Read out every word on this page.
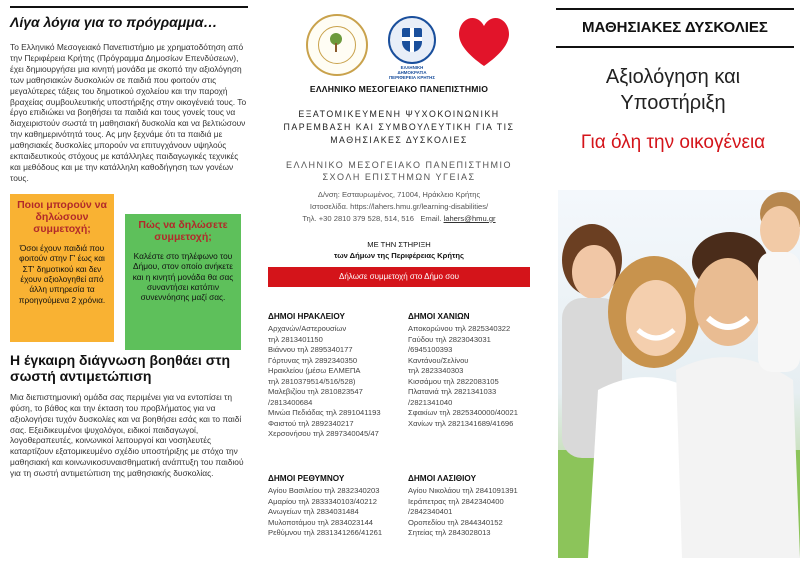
Λίγα λόγια για το πρόγραμμα…

Το Ελληνικό Μεσογειακό Πανεπιστήμιο με χρηματοδότηση από την Περιφέρεια Κρήτης (Πρόγραμμα Δημοσίων Επενδύσεων), έχει δημιουργήσει μια κινητή μονάδα με σκοπό την αξιολόγηση των μαθησιακών δυσκολιών σε παιδιά που φοιτούν στις μεγαλύτερες τάξεις του δημοτικού σχολείου και την παροχή βραχείας συμβουλευτικής υποστήριξης στην οικογένειά τους. Το έργο επιδιώκει να βοηθήσει τα παιδιά και τους γονείς τους να διαχειριστούν σωστά τη μαθησιακή δυσκολία και να βελτιώσουν την καθημερινότητά τους. Ας μην ξεχνάμε ότι τα παιδιά με μαθησιακές δυσκολίες μπορούν να επιτυγχάνουν υψηλούς εκπαιδευτικούς στόχους με κατάλληλες παιδαγωγικές τεχνικές και μεθόδους και με την κατάλληλη καθοδήγηση των γονέων τους.

Ποιοι μπορούν να δηλώσουν συμμετοχή;
Όσοι έχουν παιδιά που φοιτούν στην Γ' έως και ΣΤ' δημοτικού και δεν έχουν αξιολογηθεί από άλλη υπηρεσία τα προηγούμενα 2 χρόνια.
Πώς να δηλώσετε συμμετοχή;
Καλέστε στο τηλέφωνο του Δήμου, στον οποίο ανήκετε και η κινητή μονάδα θα σας συναντήσει κατόπιν συνεννόησης μαζί σας.
Η έγκαιρη διάγνωση βοηθάει στη σωστή αντιμετώπιση

Μια διεπιστημονική ομάδα σας περιμένει για να εντοπίσει τη φύση, το βάθος και την έκταση του προβλήματος για να αξιολογήσει τυχόν δυσκολίες και να βοηθήσει εσάς και το παιδί σας. Εξειδικευμένοι ψυχολόγοι, ειδικοί παιδαγωγοί, λογοθεραπευτές, κοινωνικοί λειτουργοί και νοσηλευτές καταρτίζουν εξατομικευμένο σχέδιο υποστήριξης με στόχο την μαθησιακή και κοινωνικοσυναισθηματική ανάπτυξη του παιδιού για τη σωστή αντιμετώπιση της μαθησιακής δυσκολίας.

ΕΛΛΗΝΙΚΗ ΔΗΜΟΚΡΑΤΙΑ ΠΕΡΙΦΕΡΕΙΑ ΚΡΗΤΗΣ
LaHeRS
ΕΛΛΗΝΙΚΟ ΜΕΣΟΓΕΙΑΚΟ ΠΑΝΕΠΙΣΤΗΜΙΟ
ΕΞΑΤΟΜΙΚΕΥΜΕΝΗ ΨΥΧΟΚΟΙΝΩΝΙΚΗ ΠΑΡΕΜΒΑΣΗ ΚΑΙ ΣΥΜΒΟΥΛΕΥΤΙΚΗ ΓΙΑ ΤΙΣ ΜΑΘΗΣΙΑΚΕΣ ΔΥΣΚΟΛΙΕΣ
ΕΛΛΗΝΙΚΟ ΜΕΣΟΓΕΙΑΚΟ ΠΑΝΕΠΙΣΤΗΜΙΟ
ΣΧΟΛΗ ΕΠΙΣΤΗΜΩΝ ΥΓΕΙΑΣ
Δ/νση: Εσταυρωμένος, 71004, Ηράκλειο Κρήτης
Ιστοσελίδα. https://lahers.hmu.gr/learning-disabilities/
Τηλ. +30 2810 379 528, 514, 516 Email. lahers@hmu.gr
ΜΕ ΤΗΝ ΣΤΗΡΙΞΗ
των Δήμων της Περιφέρειας Κρήτης
Δήλωσε συμμετοχή στο Δήμο σου
ΔΗΜΟΙ ΗΡΑΚΛΕΙΟΥ
Αρχανών/Αστερουσίων
τηλ 2813401150
Βιάννου τηλ 2895340177
Γόρτυνας τηλ 2892340350
Ηρακλείου (μέσω ΕΛΜΕΠΑ
τηλ 2810379514/516/528)
Μαλεβιζίου τηλ 2810823547
/2813400684
Μινώα Πεδιάδας τηλ 2891041193
Φαιστού τηλ 2892340217
Χερσονήσου τηλ 2897340045/47
ΔΗΜΟΙ ΧΑΝΙΩΝ
Αποκορώνου τηλ 2825340322
Γαύδου τηλ 2823043031
/6945100393
Καντάνου/Σελίνου
τηλ 2823340303
Κισσάμου τηλ 2822083105
Πλατανιά τηλ 2821341033
/2821341040
Σφακίων τηλ 2825340000/40021
Χανίων τηλ 2821341689/41696
ΔΗΜΟΙ ΡΕΘΥΜΝΟΥ
Αγίου Βασιλείου τηλ 2832340203
Αμαρίου τηλ 2833340103/40212
Ανωγείων τηλ 2834031484
Μυλοποτάμου τηλ 2834023144
Ρεθύμνου τηλ 2831341266/41261
ΔΗΜΟΙ ΛΑΣΙΘΙΟΥ
Αγίου Νικολάου τηλ 2841091391
Ιεράπετρας τηλ 2842340400
/2842340401
Οροπεδίου τηλ 2844340152
Σητείας τηλ 2843028013
ΜΑΘΗΣΙΑΚΕΣ ΔΥΣΚΟΛΙΕΣ
Αξιολόγηση και
Υποστήριξη
Για όλη την οικογένεια
